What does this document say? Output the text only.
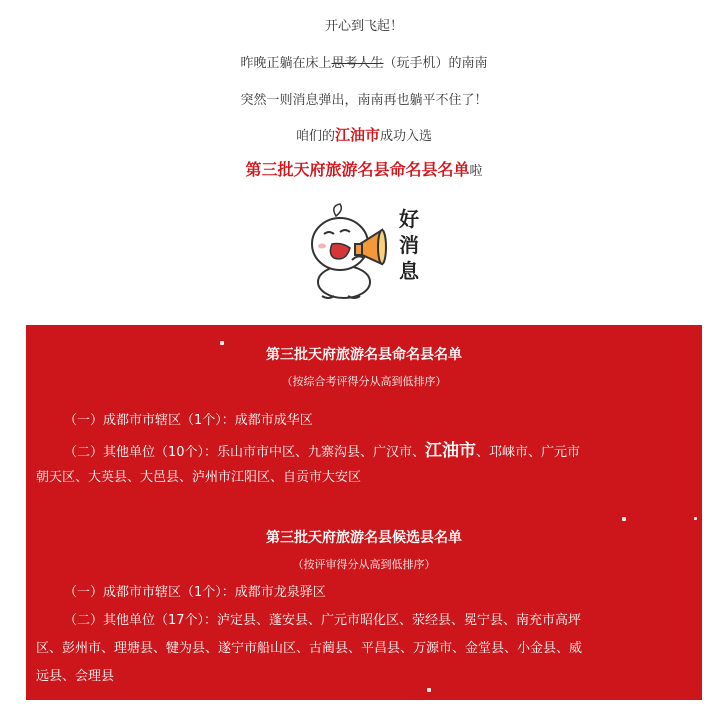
开心到飞起！
昨晚正躺在床上思考人生（玩手机）的南南
突然一则消息弹出，南南再也躺平不住了！
咱们的江油市成功入选
第三批天府旅游名县命名县名单啦
好
消
息
第三批天府旅游名县命名县名单
（按综合考评得分从高到低排序）
（一）成都市市辖区（1个）：成都市成华区
（二）其他单位（10个）：乐山市市中区、九寨沟县、广汉市、江油市、邛崃市、广元市
朝天区、大英县、大邑县、泸州市江阳区、自贡市大安区
第三批天府旅游名县候选县名单
（按评审得分从高到低排序）
（一）成都市市辖区（1个）：成都市龙泉驿区
（二）其他单位（17个）：泸定县、蓬安县、广元市昭化区、荥经县、冕宁县、南充市高坪
区、彭州市、理塘县、犍为县、遂宁市船山区、古蔺县、平昌县、万源市、金堂县、小金县、威
远县、会理县
